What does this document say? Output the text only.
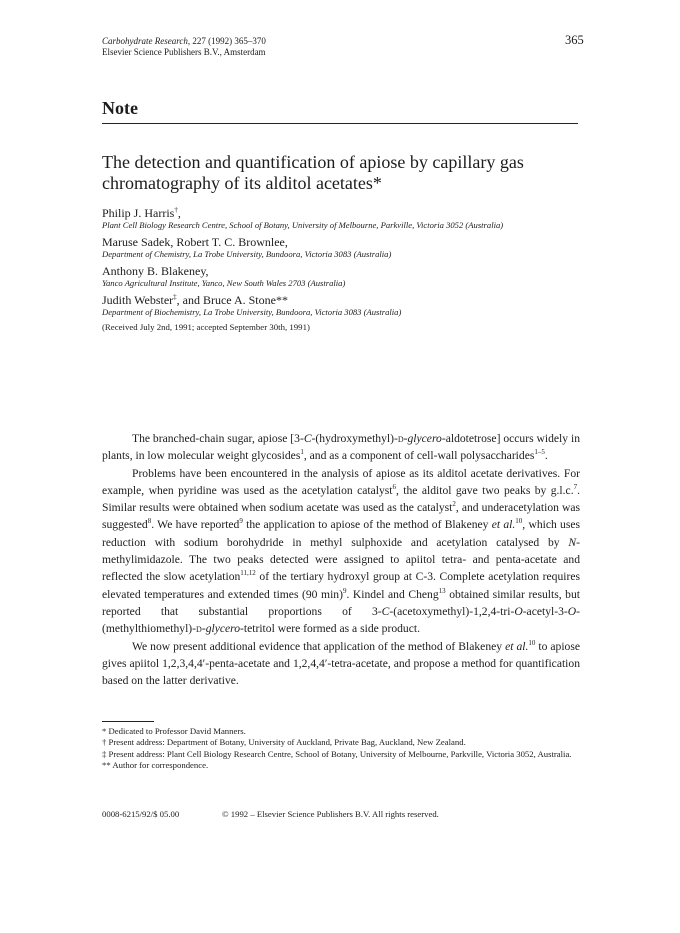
Carbohydrate Research, 227 (1992) 365–370
Elsevier Science Publishers B.V., Amsterdam
365
Note
The detection and quantification of apiose by capillary gas chromatography of its alditol acetates*
Philip J. Harris†,
Plant Cell Biology Research Centre, School of Botany, University of Melbourne, Parkville, Victoria 3052 (Australia)
Maruse Sadek, Robert T. C. Brownlee,
Department of Chemistry, La Trobe University, Bundoora, Victoria 3083 (Australia)
Anthony B. Blakeney,
Yanco Agricultural Institute, Yanco, New South Wales 2703 (Australia)
Judith Webster‡, and Bruce A. Stone**
Department of Biochemistry, La Trobe University, Bundoora, Victoria 3083 (Australia)
(Received July 2nd, 1991; accepted September 30th, 1991)

The branched-chain sugar, apiose [3-C-(hydroxymethyl)-d-glycero-aldotetrose] occurs widely in plants, in low molecular weight glycosides$^1$, and as a component of cell-wall polysaccharides$^{1-5}$.

Problems have been encountered in the analysis of apiose as its alditol acetate derivatives. For example, when pyridine was used as the acetylation catalyst$^6$, the alditol gave two peaks by g.l.c.$^7$. Similar results were obtained when sodium acetate was used as the catalyst$^2$, and underacetylation was suggested$^8$. We have reported$^9$ the application to apiose of the method of Blakeney et al.$^{10}$, which uses reduction with sodium borohydride in methyl sulphoxide and acetylation catalysed by N-methylimidazole. The two peaks detected were assigned to apiitol tetra- and penta-acetate and reflected the slow acetylation$^{11,12}$ of the tertiary hydroxyl group at C-3. Complete acetylation requires elevated temperatures and extended times (90 min)$^9$. Kindel and Cheng$^{13}$ obtained similar results, but reported that substantial proportions of 3-C-(acetoxymethyl)-1,2,4-tri-O-acetyl-3-O-(methylthiomethyl)-d-glycero-tetritol were formed as a side product.

We now present additional evidence that application of the method of Blakeney et al.$^{10}$ to apiose gives apiitol 1,2,3,4,4′-penta-acetate and 1,2,4,4′-tetra-acetate, and propose a method for quantification based on the latter derivative.

* Dedicated to Professor David Manners.
† Present address: Department of Botany, University of Auckland, Private Bag, Auckland, New Zealand.
‡ Present address: Plant Cell Biology Research Centre, School of Botany, University of Melbourne, Parkville, Victoria 3052, Australia.
** Author for correspondence.
0008-6215/92/$ 05.00	© 1992 – Elsevier Science Publishers B.V. All rights reserved.
